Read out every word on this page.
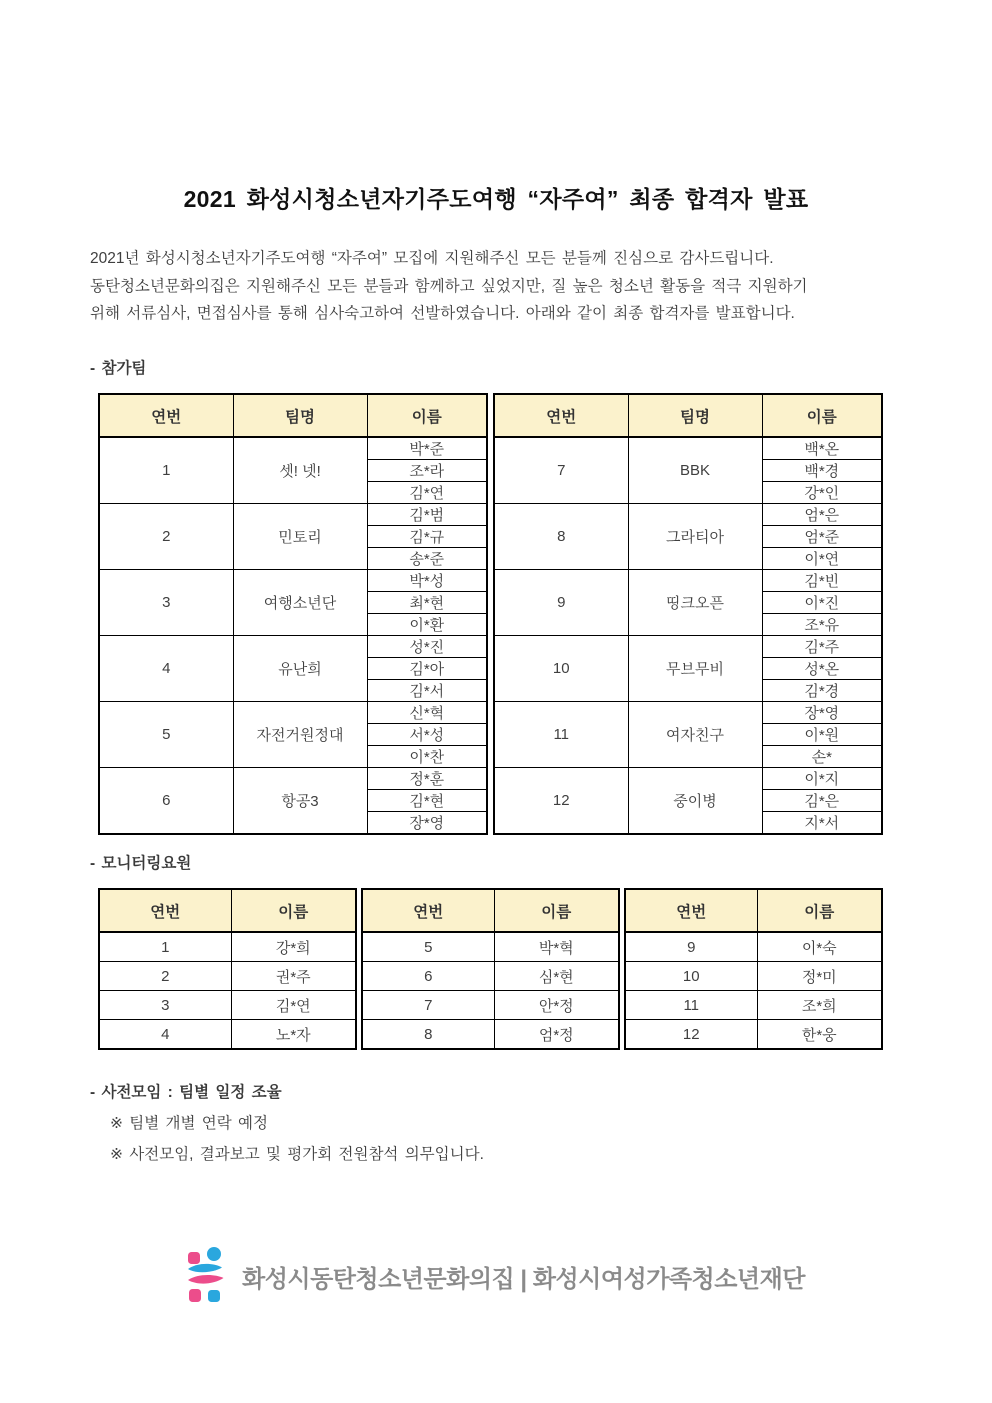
2021 화성시청소년자기주도여행 “자주여” 최종 합격자 발표
2021년 화성시청소년자기주도여행 “자주여” 모집에 지원해주신 모든 분들께 진심으로 감사드립니다.
동탄청소년문화의집은 지원해주신 모든 분들과 함께하고 싶었지만, 질 높은 청소년 활동을 적극 지원하기
위해 서류심사, 면접심사를 통해 심사숙고하여 선발하였습니다. 아래와 같이 최종 합격자를 발표합니다.
- 참가팀
연번	팀명	이름
1	셋! 넷!	박*준
		조*라
		김*연
2	민토리	김*범
		김*규
		송*준
3	여행소년단	박*성
		최*현
		이*환
4	유난희	성*진
		김*아
		김*서
5	자전거원정대	신*혁
		서*성
		이*찬
6	항공3	정*훈
		김*현
		장*영
연번	팀명	이름
7	BBK	백*온
		백*경
		강*인
8	그라티아	엄*은
		엄*준
		이*연
9	띵크오픈	김*빈
		이*진
		조*유
10	무브무비	김*주
		성*온
		김*경
11	여자친구	장*영
		이*원
		손*
12	중이병	이*지
		김*은
		지*서
- 모니터링요원
연번	이름
1	강*희
2	권*주
3	김*연
4	노*자
연번	이름
5	박*혁
6	심*현
7	안*정
8	엄*정
연번	이름
9	이*숙
10	정*미
11	조*희
12	한*웅
- 사전모임 : 팀별 일정 조율
※ 팀별 개별 연락 예정
※ 사전모임, 결과보고 및 평가회 전원참석 의무입니다.
화성시동탄청소년문화의집 | 화성시여성가족청소년재단
